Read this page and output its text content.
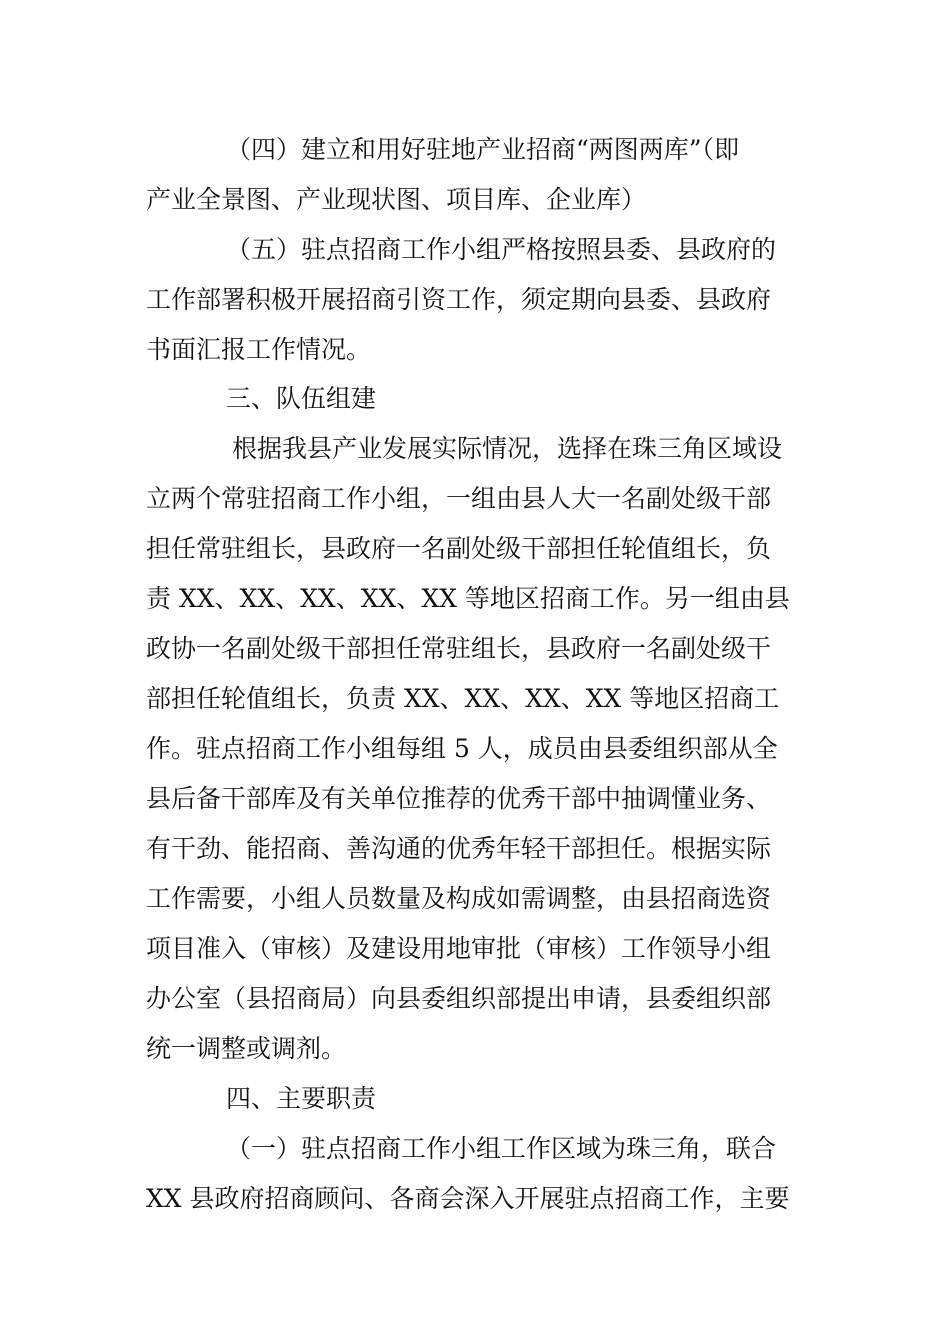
（四）建立和用好驻地产业招商“两图两库”（即
产业全景图、产业现状图、项目库、企业库）
（五）驻点招商工作小组严格按照县委、县政府的
工作部署积极开展招商引资工作，须定期向县委、县政府
书面汇报工作情况。
三、队伍组建
根据我县产业发展实际情况，选择在珠三角区域设
立两个常驻招商工作小组，一组由县人大一名副处级干部
担任常驻组长，县政府一名副处级干部担任轮值组长，负
责 XX、XX、XX、XX、XX 等地区招商工作。另一组由县
政协一名副处级干部担任常驻组长，县政府一名副处级干
部担任轮值组长，负责 XX、XX、XX、XX 等地区招商工
作。驻点招商工作小组每组 5 人，成员由县委组织部从全
县后备干部库及有关单位推荐的优秀干部中抽调懂业务、
有干劲、能招商、善沟通的优秀年轻干部担任。根据实际
工作需要，小组人员数量及构成如需调整，由县招商选资
项目准入（审核）及建设用地审批（审核）工作领导小组
办公室（县招商局）向县委组织部提出申请，县委组织部
统一调整或调剂。
四、主要职责
（一）驻点招商工作小组工作区域为珠三角，联合
XX 县政府招商顾问、各商会深入开展驻点招商工作，主要
